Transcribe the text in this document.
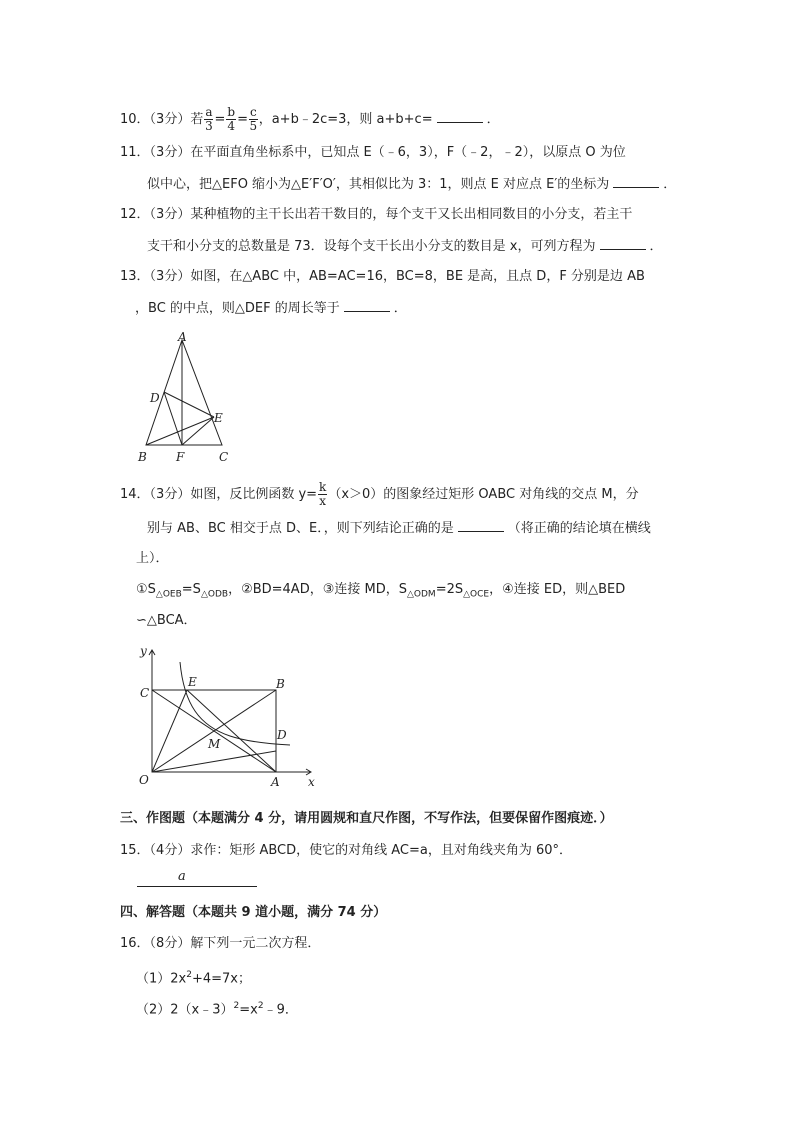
10．（3分）若 $\frac{a}{3} = \frac{b}{4} = \frac{c}{5}$ ，a+b﹣2c=3，则 a+b+c=	．
11．（3分）在平面直角坐标系中，已知点 E（﹣6，3），F（﹣2，﹣2），以原点 O 为位
似中心，把△EFO 缩小为△E′F′O′，其相似比为 3：1，则点 E 对应点 E′的坐标为	．
12．（3分）某种植物的主干长出若干数目的，每个支干又长出相同数目的小分支，若主干
支干和小分支的总数量是 73．设每个支干长出小分支的数目是 x，可列方程为	．
13．（3分）如图，在△ABC 中，AB=AC=16，BC=8，BE 是高，且点 D，F 分别是边 AB
，BC 的中点，则△DEF 的周长等于	．
A
D
E
B F	C
14．（3分）如图，反比例函数 $y= \frac{k}{x} (x>0)$的图象经过矩形 OABC 对角线的交点 M，分
别与 AB、BC 相交于点 D、E．，则下列结论正确的是	（将正确的结论填在横线
上）．
$①S_{\triangle OEB}=S_{\triangle ODB}$，②BD=4AD，③连接 MD，$S_{\triangle ODM}=2S_{\triangle OCE}$，④连接 ED，则△BED
∽△BCA．
y
x
C
E	B
M
D
O	A
三、作图题（本题满分 4 分，请用圆规和直尺作图，不写作法，但要保留作图痕迹．）
15．（4分）求作：矩形 ABCD，使它的对角线 AC=a，且对角线夹角为 60°．
a
四、解答题（本题共 9 道小题，满分 74 分）
16．（8分）解下列一元二次方程．
$(1)2x^2+4=7x$；
$(2)2(x﹣3)^2=x^2﹣9$．
